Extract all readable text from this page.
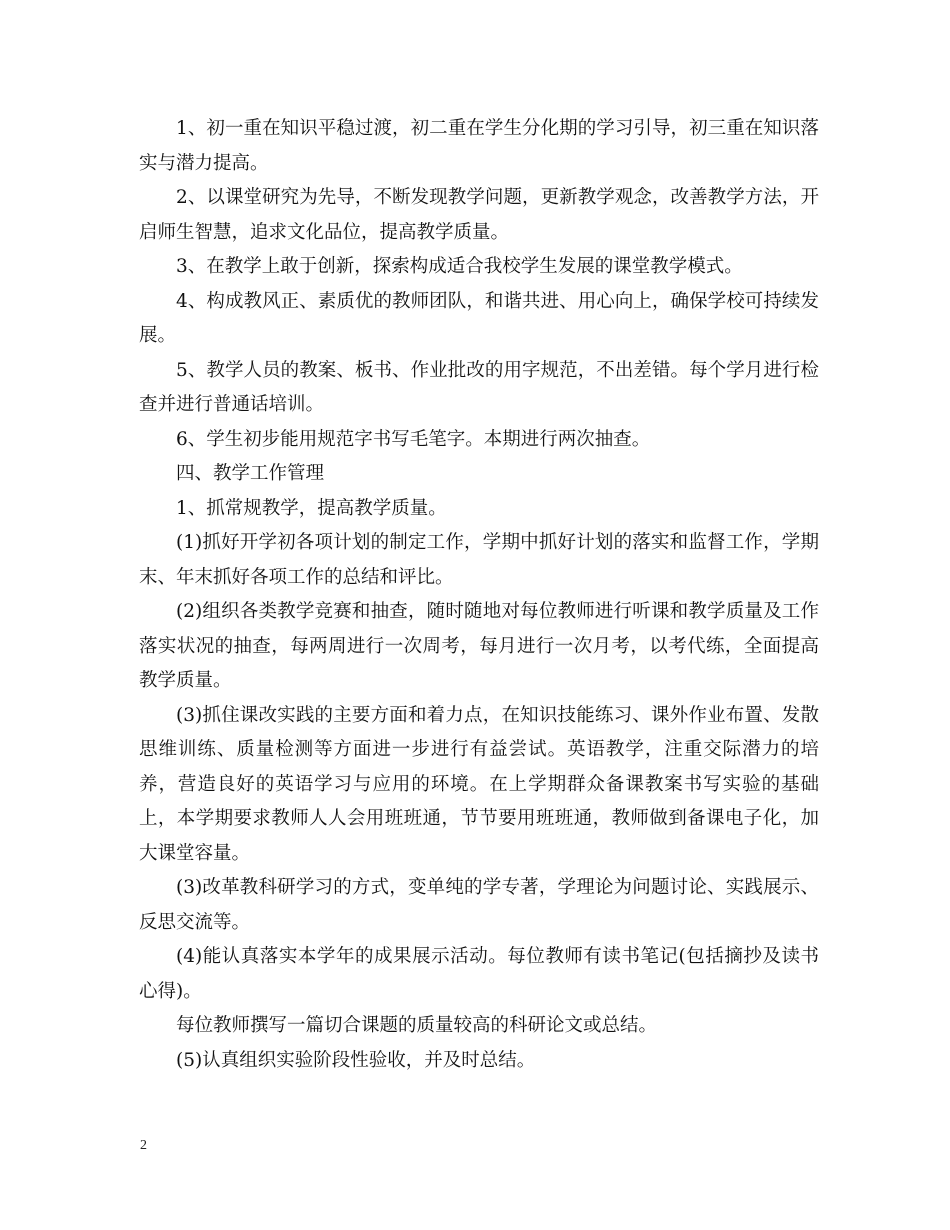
1、初一重在知识平稳过渡，初二重在学生分化期的学习引导，初三重在知识落实与潜力提高。

2、以课堂研究为先导，不断发现教学问题，更新教学观念，改善教学方法，开启师生智慧，追求文化品位，提高教学质量。

3、在教学上敢于创新，探索构成适合我校学生发展的课堂教学模式。

4、构成教风正、素质优的教师团队，和谐共进、用心向上，确保学校可持续发展。

5、教学人员的教案、板书、作业批改的用字规范，不出差错。每个学月进行检查并进行普通话培训。

6、学生初步能用规范字书写毛笔字。本期进行两次抽查。

四、教学工作管理

1、抓常规教学，提高教学质量。

(1)抓好开学初各项计划的制定工作，学期中抓好计划的落实和监督工作，学期末、年末抓好各项工作的总结和评比。

(2)组织各类教学竞赛和抽查，随时随地对每位教师进行听课和教学质量及工作落实状况的抽查，每两周进行一次周考，每月进行一次月考，以考代练，全面提高教学质量。

(3)抓住课改实践的主要方面和着力点，在知识技能练习、课外作业布置、发散思维训练、质量检测等方面进一步进行有益尝试。英语教学，注重交际潜力的培养，营造良好的英语学习与应用的环境。在上学期群众备课教案书写实验的基础上，本学期要求教师人人会用班班通，节节要用班班通，教师做到备课电子化，加大课堂容量。

(3)改革教科研学习的方式，变单纯的学专著，学理论为问题讨论、实践展示、反思交流等。

(4)能认真落实本学年的成果展示活动。每位教师有读书笔记(包括摘抄及读书心得)。

每位教师撰写一篇切合课题的质量较高的科研论文或总结。

(5)认真组织实验阶段性验收，并及时总结。

2
